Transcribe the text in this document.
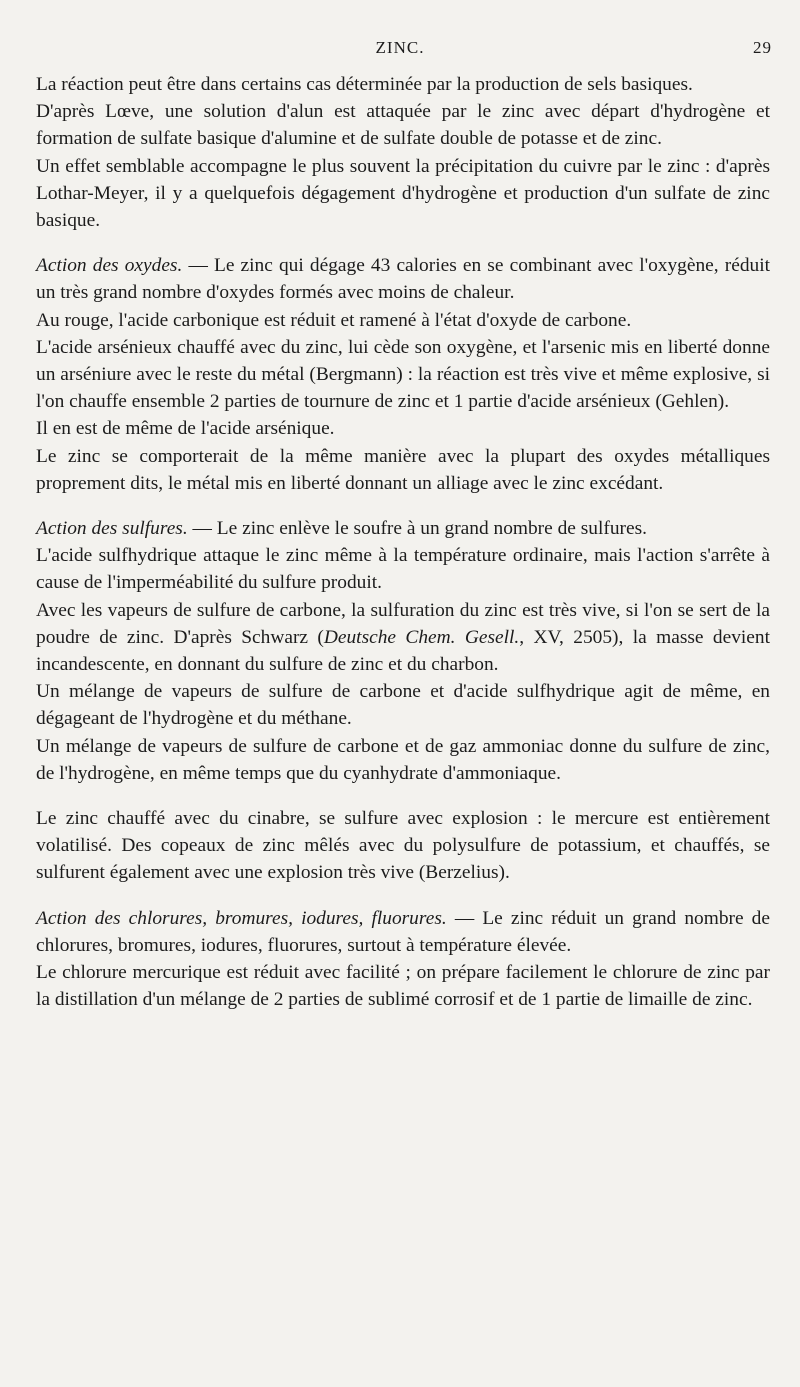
ZINC.	29

La réaction peut être dans certains cas déterminée par la production de sels basiques.

D'après Lœve, une solution d'alun est attaquée par le zinc avec départ d'hydrogène et formation de sulfate basique d'alumine et de sulfate double de potasse et de zinc.

Un effet semblable accompagne le plus souvent la précipitation du cuivre par le zinc : d'après Lothar-Meyer, il y a quelquefois dégagement d'hydrogène et production d'un sulfate de zinc basique.

Action des oxydes. — Le zinc qui dégage 43 calories en se combinant avec l'oxygène, réduit un très grand nombre d'oxydes formés avec moins de chaleur.

Au rouge, l'acide carbonique est réduit et ramené à l'état d'oxyde de carbone.

L'acide arsénieux chauffé avec du zinc, lui cède son oxygène, et l'arsenic mis en liberté donne un arséniure avec le reste du métal (Bergmann) : la réaction est très vive et même explosive, si l'on chauffe ensemble 2 parties de tournure de zinc et 1 partie d'acide arsénieux (Gehlen).

Il en est de même de l'acide arsénique.

Le zinc se comporterait de la même manière avec la plupart des oxydes métalliques proprement dits, le métal mis en liberté donnant un alliage avec le zinc excédant.

Action des sulfures. — Le zinc enlève le soufre à un grand nombre de sulfures.

L'acide sulfhydrique attaque le zinc même à la température ordinaire, mais l'action s'arrête à cause de l'imperméabilité du sulfure produit.

Avec les vapeurs de sulfure de carbone, la sulfuration du zinc est très vive, si l'on se sert de la poudre de zinc. D'après Schwarz (Deutsche Chem. Gesell., XV, 2505), la masse devient incandescente, en donnant du sulfure de zinc et du charbon.

Un mélange de vapeurs de sulfure de carbone et d'acide sulfhydrique agit de même, en dégageant de l'hydrogène et du méthane.

Un mélange de vapeurs de sulfure de carbone et de gaz ammoniac donne du sulfure de zinc, de l'hydrogène, en même temps que du cyanhydrate d'ammoniaque.

Le zinc chauffé avec du cinabre, se sulfure avec explosion : le mercure est entièrement volatilisé. Des copeaux de zinc mêlés avec du polysulfure de potassium, et chauffés, se sulfurent également avec une explosion très vive (Berzelius).

Action des chlorures, bromures, iodures, fluorures. — Le zinc réduit un grand nombre de chlorures, bromures, iodures, fluorures, surtout à température élevée.

Le chlorure mercurique est réduit avec facilité ; on prépare facilement le chlorure de zinc par la distillation d'un mélange de 2 parties de sublimé corrosif et de 1 partie de limaille de zinc.
